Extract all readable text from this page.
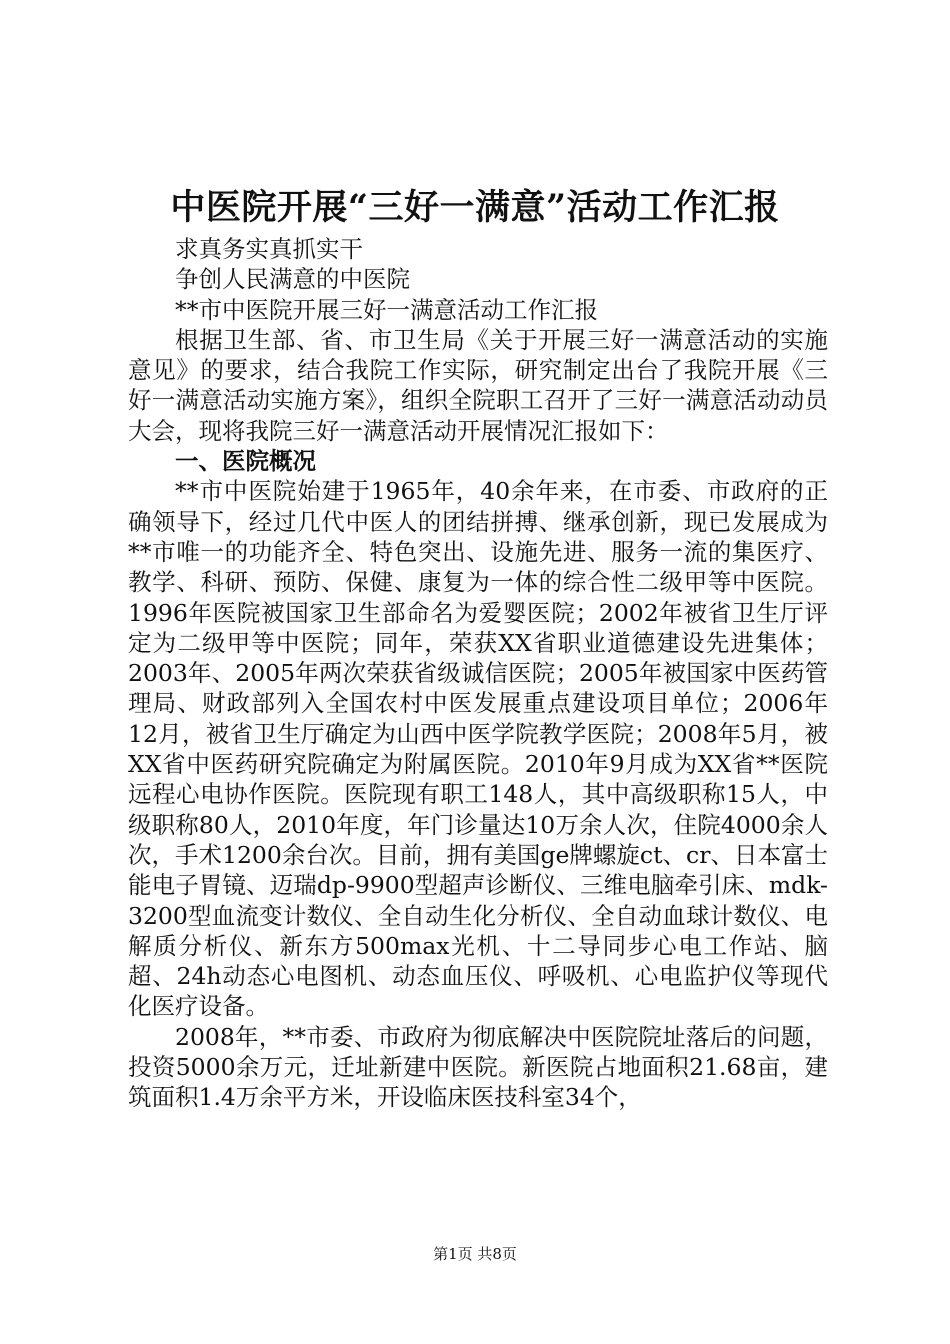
中医院开展“三好一满意”活动工作汇报

求真务实真抓实干

争创人民满意的中医院

**市中医院开展三好一满意活动工作汇报

根据卫生部、省、市卫生局《关于开展三好一满意活动的实施意见》的要求，结合我院工作实际，研究制定出台了我院开展《三好一满意活动实施方案》，组织全院职工召开了三好一满意活动动员大会，现将我院三好一满意活动开展情况汇报如下：

一、医院概况

**市中医院始建于1965年，40余年来，在市委、市政府的正确领导下，经过几代中医人的团结拼搏、继承创新，现已发展成为**市唯一的功能齐全、特色突出、设施先进、服务一流的集医疗、教学、科研、预防、保健、康复为一体的综合性二级甲等中医院。1996年医院被国家卫生部命名为爱婴医院；2002年被省卫生厅评定为二级甲等中医院；同年，荣获XX省职业道德建设先进集体；2003年、2005年两次荣获省级诚信医院；2005年被国家中医药管理局、财政部列入全国农村中医发展重点建设项目单位；2006年12月，被省卫生厅确定为山西中医学院教学医院；2008年5月，被XX省中医药研究院确定为附属医院。2010年9月成为XX省**医院远程心电协作医院。医院现有职工148人，其中高级职称15人，中级职称80人，2010年度，年门诊量达10万余人次，住院4000余人次，手术1200余台次。目前，拥有美国ge牌螺旋ct、cr、日本富士能电子胃镜、迈瑞dp-9900型超声诊断仪、三维电脑牵引床、mdk-3200型血流变计数仪、全自动生化分析仪、全自动血球计数仪、电解质分析仪、新东方500max光机、十二导同步心电工作站、脑超、24h动态心电图机、动态血压仪、呼吸机、心电监护仪等现代化医疗设备。

2008年，**市委、市政府为彻底解决中医院院址落后的问题，投资5000余万元，迁址新建中医院。新医院占地面积21.68亩，建筑面积1.4万余平方米，开设临床医技科室34个，

第1页 共8页
